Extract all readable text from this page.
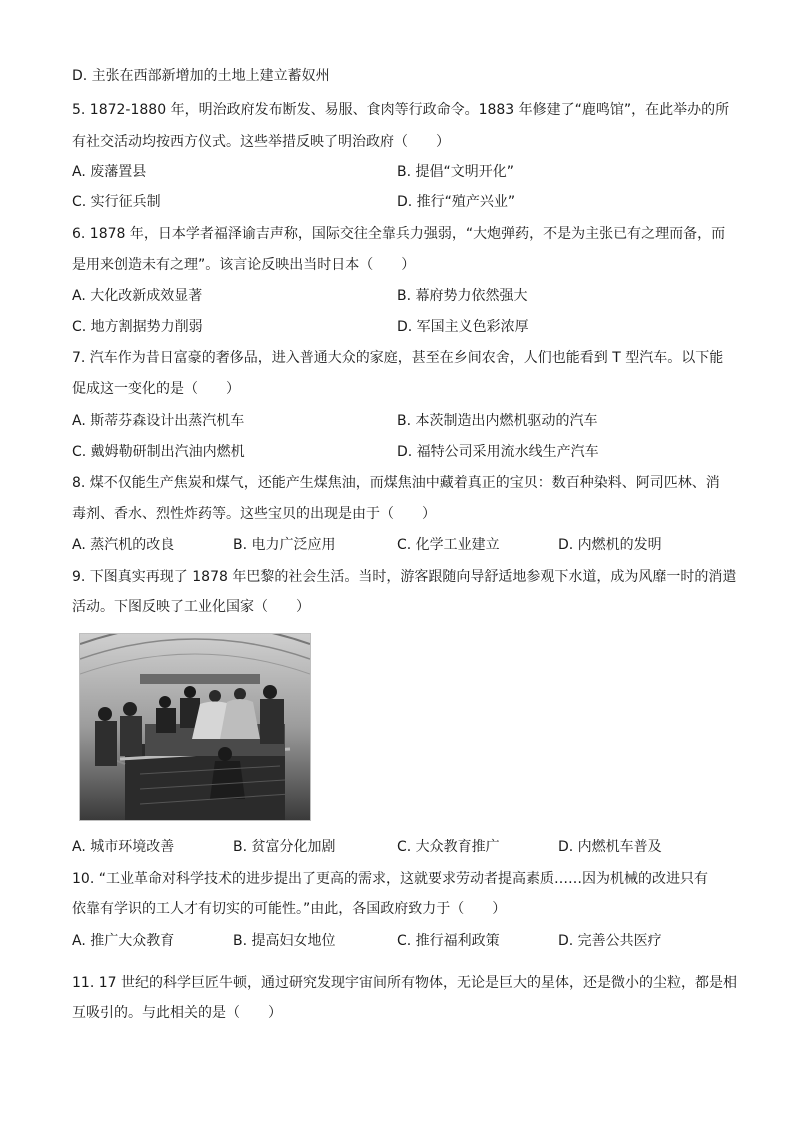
D. 主张在西部新增加的土地上建立蓄奴州
5. 1872-1880 年，明治政府发布断发、易服、食肉等行政命令。1883 年修建了“鹿鸣馆”，在此举办的所
有社交活动均按西方仪式。这些举措反映了明治政府（　　）
A. 废藩置县	B. 提倡“文明开化”
C. 实行征兵制	D. 推行“殖产兴业”
6. 1878 年，日本学者福泽谕吉声称，国际交往全靠兵力强弱，“大炮弹药，不是为主张已有之理而备，而
是用来创造未有之理”。该言论反映出当时日本（　　）
A. 大化改新成效显著	B. 幕府势力依然强大
C. 地方割据势力削弱	D. 军国主义色彩浓厚
7. 汽车作为昔日富豪的奢侈品，进入普通大众的家庭，甚至在乡间农舍，人们也能看到 T 型汽车。以下能
促成这一变化的是（　　）
A. 斯蒂芬森设计出蒸汽机车	B. 本茨制造出内燃机驱动的汽车
C. 戴姆勒研制出汽油内燃机	D. 福特公司采用流水线生产汽车
8. 煤不仅能生产焦炭和煤气，还能产生煤焦油，而煤焦油中藏着真正的宝贝：数百种染料、阿司匹林、消
毒剂、香水、烈性炸药等。这些宝贝的出现是由于（　　）
A. 蒸汽机的改良	B. 电力广泛应用	C. 化学工业建立	D. 内燃机的发明
9. 下图真实再现了 1878 年巴黎的社会生活。当时，游客跟随向导舒适地参观下水道，成为风靡一时的消遣
活动。下图反映了工业化国家（　　）
A. 城市环境改善	B. 贫富分化加剧	C. 大众教育推广	D. 内燃机车普及
10. “工业革命对科学技术的进步提出了更高的需求，这就要求劳动者提高素质……因为机械的改进只有
依靠有学识的工人才有切实的可能性。”由此，各国政府致力于（　　）
A. 推广大众教育	B. 提高妇女地位	C. 推行福利政策	D. 完善公共医疗
11. 17 世纪的科学巨匠牛顿，通过研究发现宇宙间所有物体，无论是巨大的星体，还是微小的尘粒，都是相
互吸引的。与此相关的是（　　）
